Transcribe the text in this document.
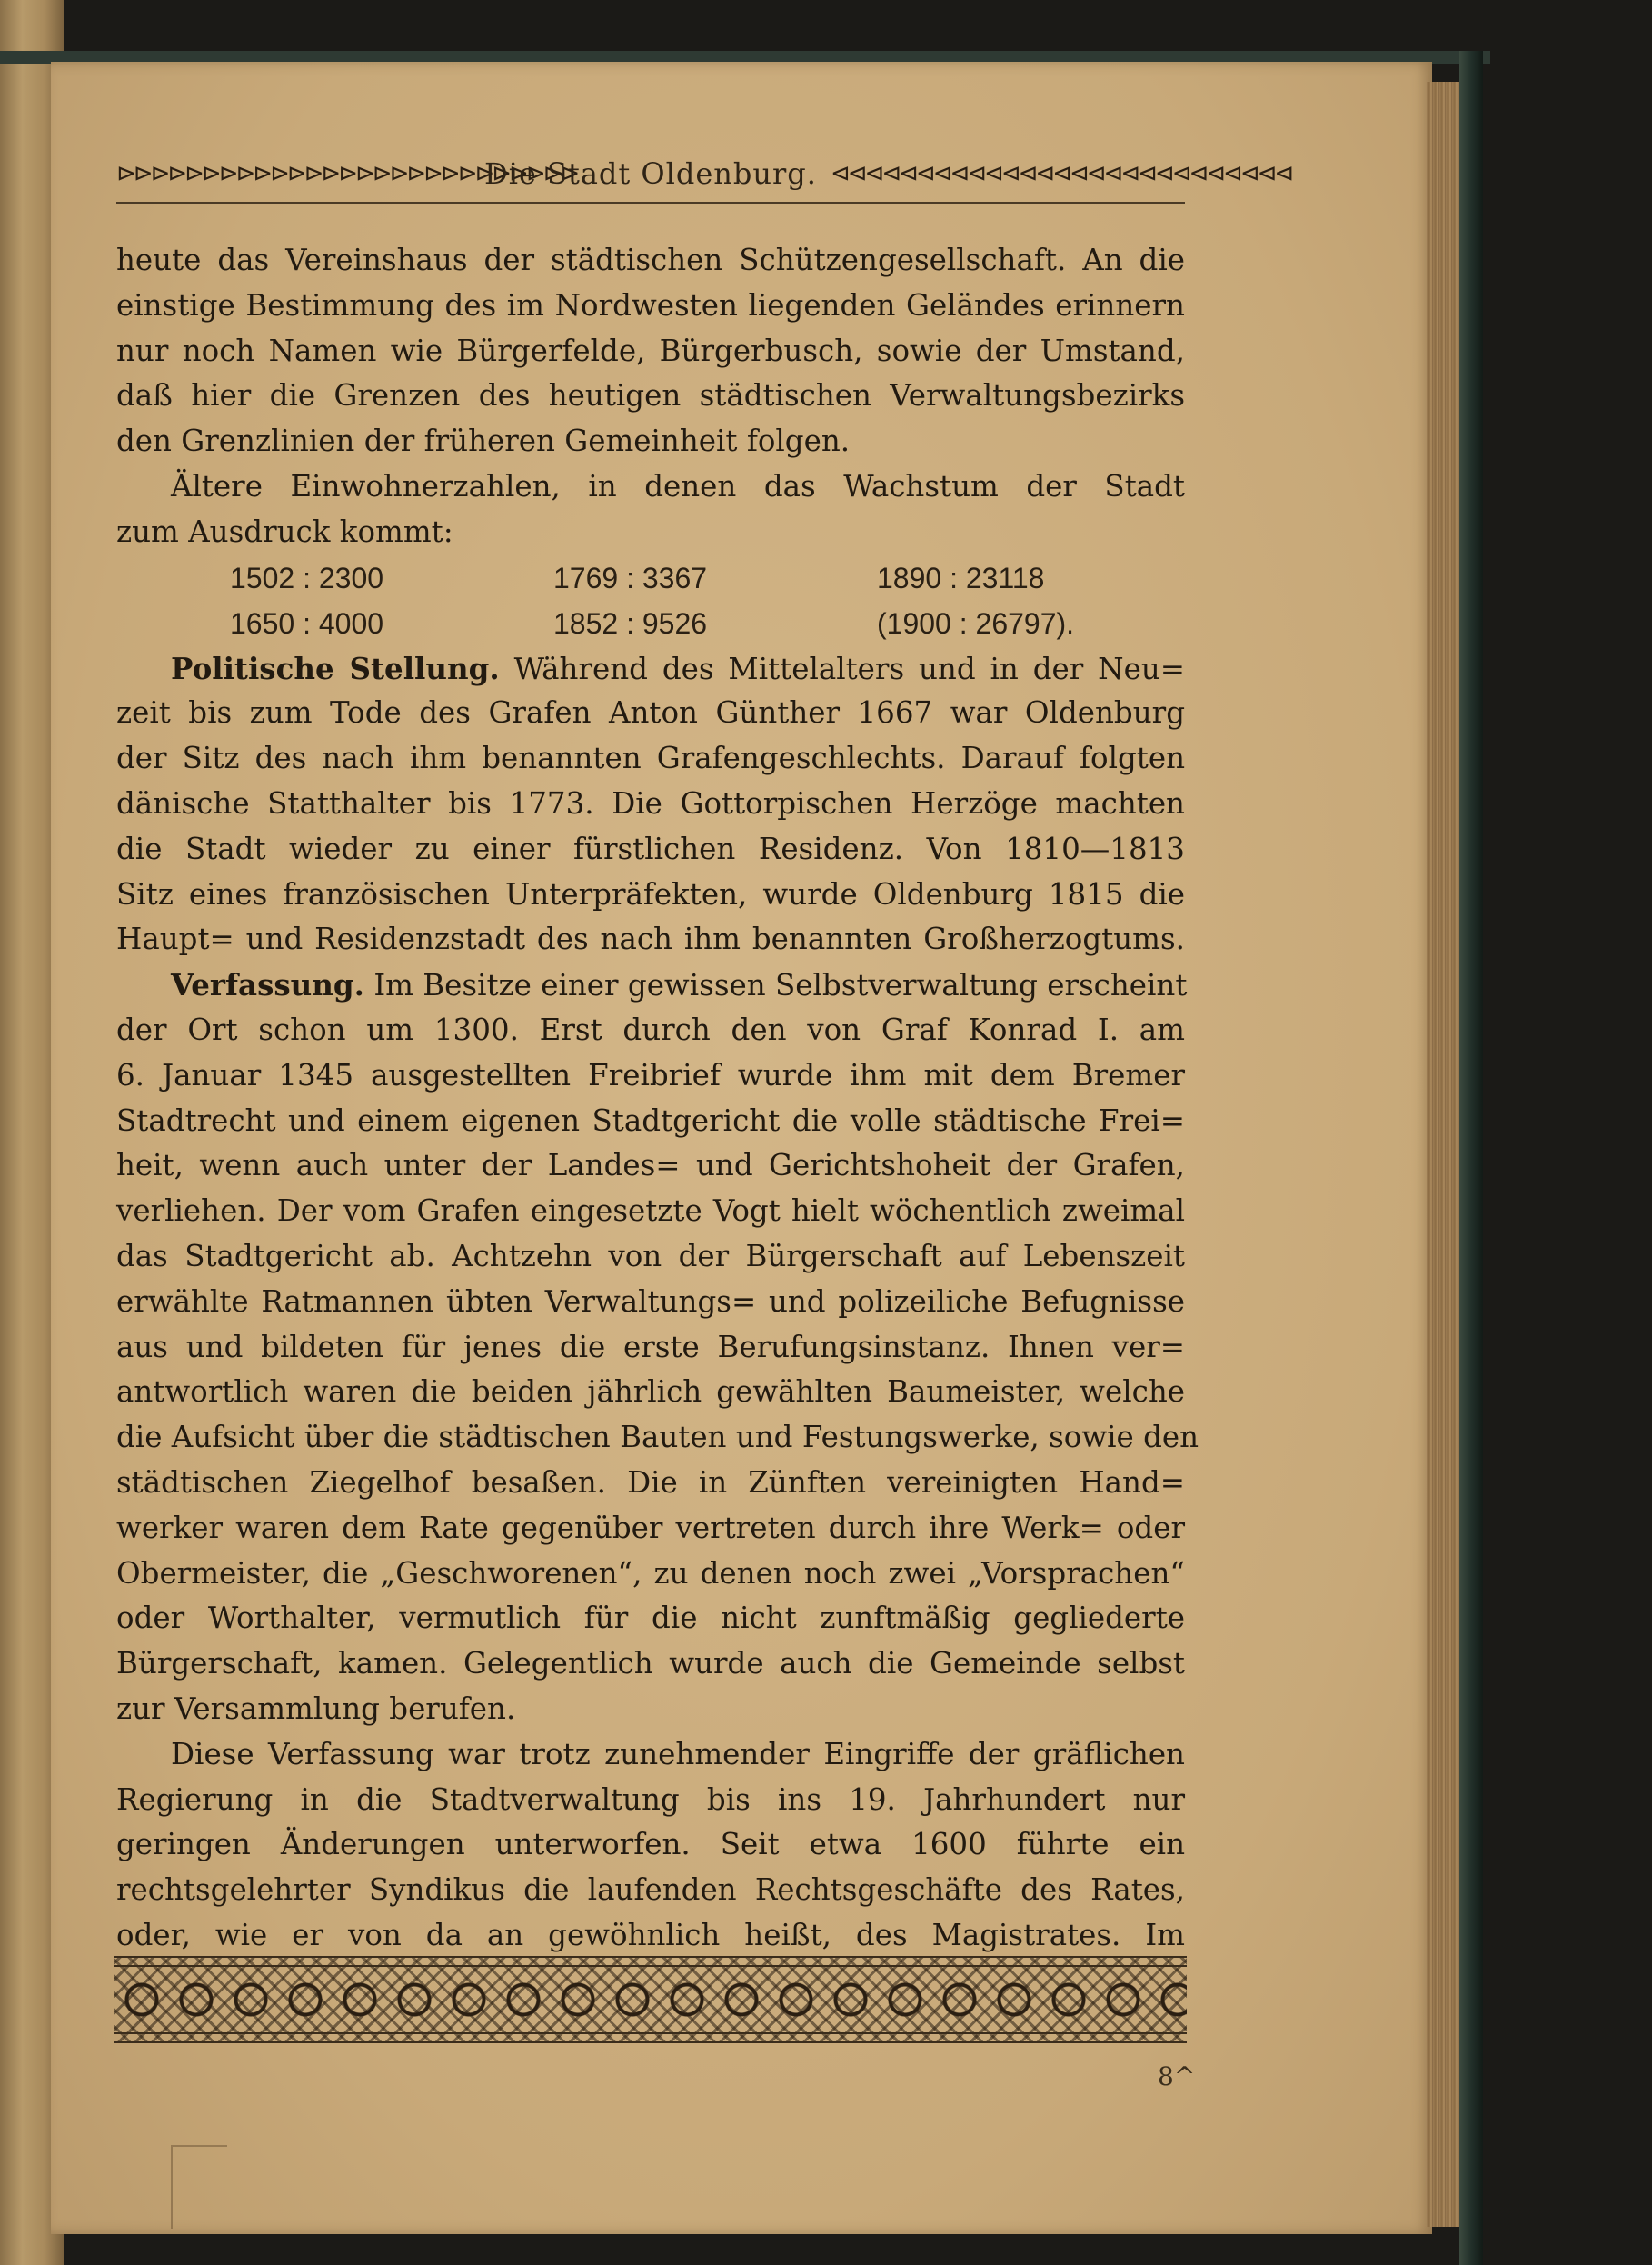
⊳⊳⊳⊳⊳⊳⊳⊳⊳⊳⊳⊳⊳⊳⊳⊳⊳⊳⊳⊳⊳⊳⊳⊳⊳⊳⊳
Die Stadt Oldenburg. ⊲⊲⊲⊲⊲⊲⊲⊲⊲⊲⊲⊲⊲⊲⊲⊲⊲⊲⊲⊲⊲⊲⊲⊲⊲⊲⊲
heute das Vereinshaus der städtischen Schützengesellschaft. An die
einstige Bestimmung des im Nordwesten liegenden Geländes erinnern
nur noch Namen wie Bürgerfelde, Bürgerbusch, sowie der Umstand,
daß hier die Grenzen des heutigen städtischen Verwaltungsbezirks
den Grenzlinien der früheren Gemeinheit folgen.
Ältere Einwohnerzahlen, in denen das Wachstum der Stadt
zum Ausdruck kommt:
1502 : 2300	1769 : 3367	1890 : 23118
1650 : 4000	1852 : 9526	(1900 : 26797).
Politische Stellung. Während des Mittelalters und in der Neu=
zeit bis zum Tode des Grafen Anton Günther 1667 war Oldenburg
der Sitz des nach ihm benannten Grafengeschlechts. Darauf folgten
dänische Statthalter bis 1773. Die Gottorpischen Herzöge machten
die Stadt wieder zu einer fürstlichen Residenz. Von 1810—1813
Sitz eines französischen Unterpräfekten, wurde Oldenburg 1815 die
Haupt= und Residenzstadt des nach ihm benannten Großherzogtums.
Verfassung. Im Besitze einer gewissen Selbstverwaltung erscheint
der Ort schon um 1300. Erst durch den von Graf Konrad I. am
6. Januar 1345 ausgestellten Freibrief wurde ihm mit dem Bremer
Stadtrecht und einem eigenen Stadtgericht die volle städtische Frei=
heit, wenn auch unter der Landes= und Gerichtshoheit der Grafen,
verliehen. Der vom Grafen eingesetzte Vogt hielt wöchentlich zweimal
das Stadtgericht ab. Achtzehn von der Bürgerschaft auf Lebenszeit
erwählte Ratmannen übten Verwaltungs= und polizeiliche Befugnisse
aus und bildeten für jenes die erste Berufungsinstanz. Ihnen ver=
antwortlich waren die beiden jährlich gewählten Baumeister, welche
die Aufsicht über die städtischen Bauten und Festungswerke, sowie den
städtischen Ziegelhof besaßen. Die in Zünften vereinigten Hand=
werker waren dem Rate gegenüber vertreten durch ihre Werk= oder
Obermeister, die „Geschworenen“, zu denen noch zwei „Vorsprachen“
oder Worthalter, vermutlich für die nicht zunftmäßig gegliederte
Bürgerschaft, kamen. Gelegentlich wurde auch die Gemeinde selbst
zur Versammlung berufen.
Diese Verfassung war trotz zunehmender Eingriffe der gräflichen
Regierung in die Stadtverwaltung bis ins 19. Jahrhundert nur
geringen Änderungen unterworfen. Seit etwa 1600 führte ein
rechtsgelehrter Syndikus die laufenden Rechtsgeschäfte des Rates,
oder, wie er von da an gewöhnlich heißt, des Magistrates. Im
8^
